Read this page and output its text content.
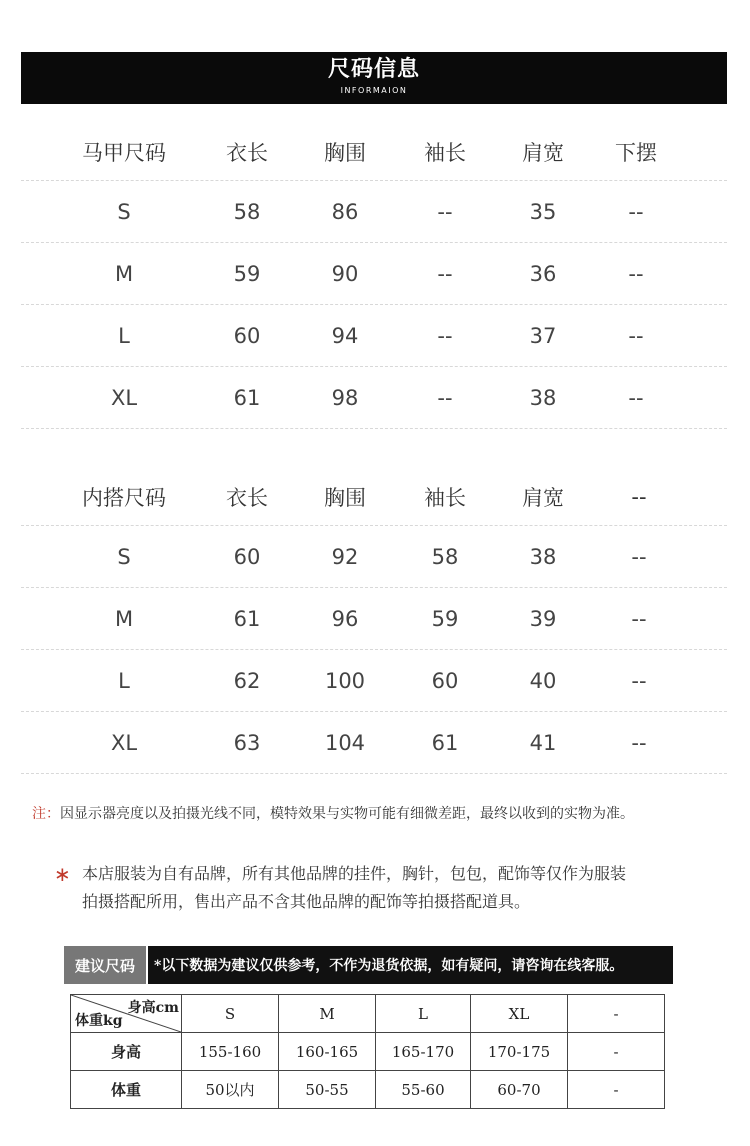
尺码信息
INFORMAION
马甲尺码	衣长	胸围	袖长	肩宽	下摆
S	58	86	--	35	--
M	59	90	--	36	--
L	60	94	--	37	--
XL	61	98	--	38	--
内搭尺码	衣长	胸围	袖长	肩宽	--
S	60	92	58	38	--
M	61	96	59	39	--
L	62	100	60	40	--
XL	63	104	61	41	--
注：因显示器亮度以及拍摄光线不同，模特效果与实物可能有细微差距，最终以收到的实物为准。
∗ 本店服装为自有品牌，所有其他品牌的挂件，胸针，包包，配饰等仅作为服装
拍摄搭配所用，售出产品不含其他品牌的配饰等拍摄搭配道具。
建议尺码	*以下数据为建议仅供参考，不作为退货依据，如有疑问，请咨询在线客服。
身高cm
体重kg	S	M	L	XL	-
身高	155-160	160-165	165-170	170-175	-
体重	50以内	50-55	55-60	60-70	-
